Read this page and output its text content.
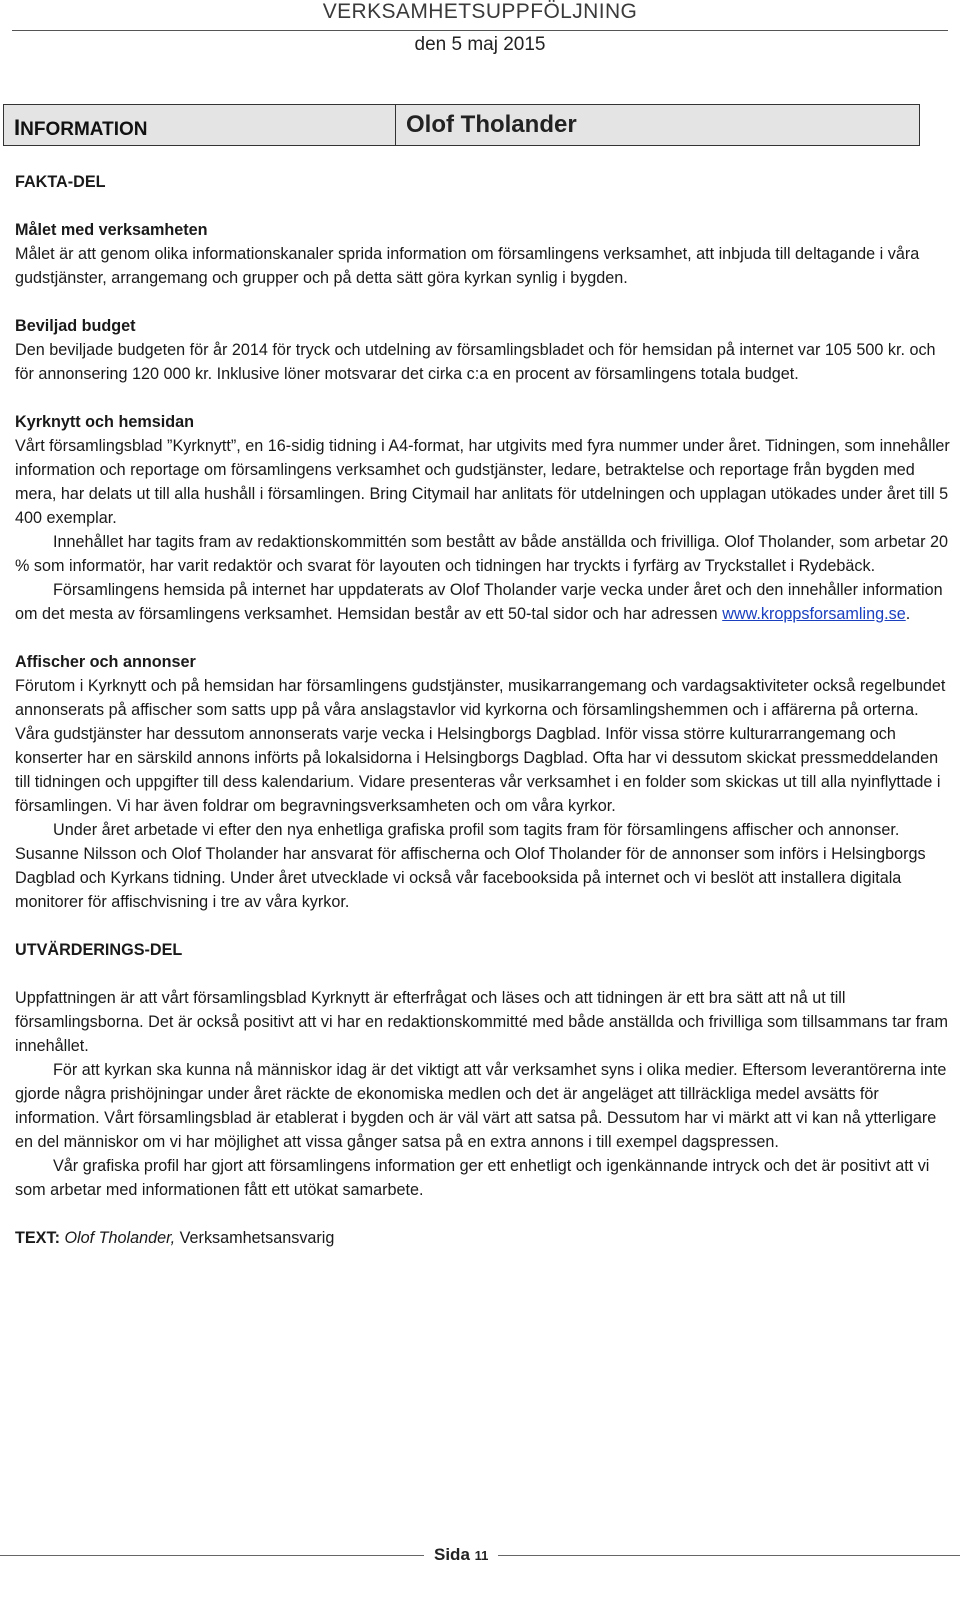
VERKSAMHETSUPPFÖLJNING
den 5 maj 2015
INFORMATION	Olof Tholander

FAKTA-DEL

Målet med verksamheten

Målet är att genom olika informationskanaler sprida information om församlingens verksamhet, att inbjuda till deltagande i våra gudstjänster, arrangemang och grupper och på detta sätt göra kyrkan synlig i bygden.

Beviljad budget

Den beviljade budgeten för år 2014 för tryck och utdelning av församlingsbladet och för hemsidan på internet var 105 500 kr. och för annonsering 120 000 kr. Inklusive löner motsvarar det cirka c:a en procent av församlingens totala budget.

Kyrknytt och hemsidan

Vårt församlingsblad ”Kyrknytt”, en 16-sidig tidning i A4-format, har utgivits med fyra nummer under året. Tidningen, som innehåller information och reportage om församlingens verksamhet och gudstjänster, ledare, betraktelse och reportage från bygden med mera, har delats ut till alla hushåll i församlingen. Bring Citymail har anlitats för utdelningen och upplagan utökades under året till 5 400 exemplar.

Innehållet har tagits fram av redaktionskommittén som bestått av både anställda och frivilliga. Olof Tholander, som arbetar 20 % som informatör, har varit redaktör och svarat för layouten och tidningen har tryckts i fyrfärg av Tryckstallet i Rydebäck.

Församlingens hemsida på internet har uppdaterats av Olof Tholander varje vecka under året och den innehåller information om det mesta av församlingens verksamhet. Hemsidan består av ett 50-tal sidor och har adressen www.kroppsforsamling.se.

Affischer och annonser

Förutom i Kyrknytt och på hemsidan har församlingens gudstjänster, musikarrangemang och vardagsaktiviteter också regelbundet annonserats på affischer som satts upp på våra anslagstavlor vid kyrkorna och församlingshemmen och i affärerna på orterna. Våra gudstjänster har dessutom annonserats varje vecka i Helsingborgs Dagblad. Inför vissa större kulturarrangemang och konserter har en särskild annons införts på lokalsidorna i Helsingborgs Dagblad. Ofta har vi dessutom skickat pressmeddelanden till tidningen och uppgifter till dess kalendarium. Vidare presenteras vår verksamhet i en folder som skickas ut till alla nyinflyttade i församlingen. Vi har även foldrar om begravningsverksamheten och om våra kyrkor.

Under året arbetade vi efter den nya enhetliga grafiska profil som tagits fram för församlingens affischer och annonser. Susanne Nilsson och Olof Tholander har ansvarat för affischerna och Olof Tholander för de annonser som införs i Helsingborgs Dagblad och Kyrkans tidning. Under året utvecklade vi också vår facebooksida på internet och vi beslöt att installera digitala monitorer för affischvisning i tre av våra kyrkor.

UTVÄRDERINGS-DEL

Uppfattningen är att vårt församlingsblad Kyrknytt är efterfrågat och läses och att tidningen är ett bra sätt att nå ut till församlingsborna. Det är också positivt att vi har en redaktionskommitté med både anställda och frivilliga som tillsammans tar fram innehållet.

För att kyrkan ska kunna nå människor idag är det viktigt att vår verksamhet syns i olika medier. Eftersom leverantörerna inte gjorde några prishöjningar under året räckte de ekonomiska medlen och det är angeläget att tillräckliga medel avsätts för information. Vårt församlingsblad är etablerat i bygden och är väl värt att satsa på. Dessutom har vi märkt att vi kan nå ytterligare en del människor om vi har möjlighet att vissa gånger satsa på en extra annons i till exempel dagspressen.

Vår grafiska profil har gjort att församlingens information ger ett enhetligt och igenkännande intryck och det är positivt att vi som arbetar med informationen fått ett utökat samarbete.

TEXT: Olof Tholander, Verksamhetsansvarig

Sida 11
